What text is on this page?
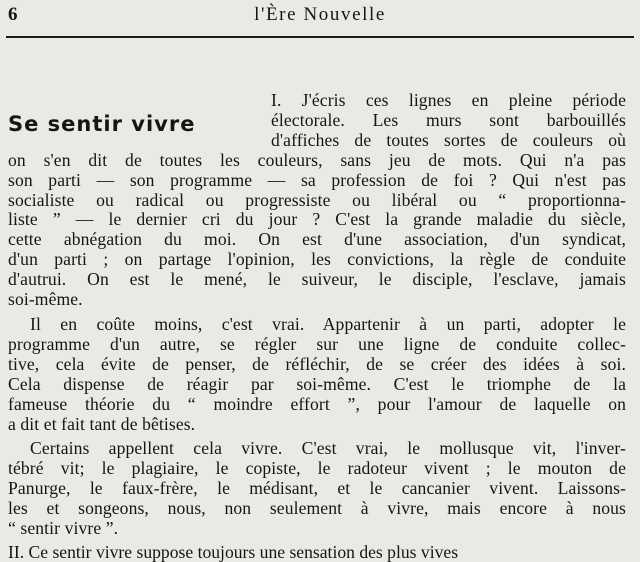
6	l'Ère Nouvelle
Se sentir vivre

I. J'écris ces lignes en pleine période
électorale. Les murs sont barbouillés
d'affiches de toutes sortes de couleurs où
on s'en dit de toutes les couleurs, sans jeu de mots. Qui n'a pas
son parti — son programme — sa profession de foi ? Qui n'est pas
socialiste ou radical ou progressiste ou libéral ou “ proportionna-
liste ” — le dernier cri du jour ? C'est la grande maladie du siècle,
cette abnégation du moi. On est d'une association, d'un syndicat,
d'un parti ; on partage l'opinion, les convictions, la règle de conduite
d'autrui. On est le mené, le suiveur, le disciple, l'esclave, jamais
soi-même.

Il en coûte moins, c'est vrai. Appartenir à un parti, adopter le
programme d'un autre, se régler sur une ligne de conduite collec-
tive, cela évite de penser, de réfléchir, de se créer des idées à soi.
Cela dispense de réagir par soi-même. C'est le triomphe de la
fameuse théorie du “ moindre effort ”, pour l'amour de laquelle on
a dit et fait tant de bêtises.

Certains appellent cela vivre. C'est vrai, le mollusque vit, l'inver-
tébré vit; le plagiaire, le copiste, le radoteur vivent ; le mouton de
Panurge, le faux-frère, le médisant, et le cancanier vivent. Laissons-
les et songeons, nous, non seulement à vivre, mais encore à nous
“ sentir vivre ”.

II. Ce sentir vivre suppose toujours une sensation des plus vives
